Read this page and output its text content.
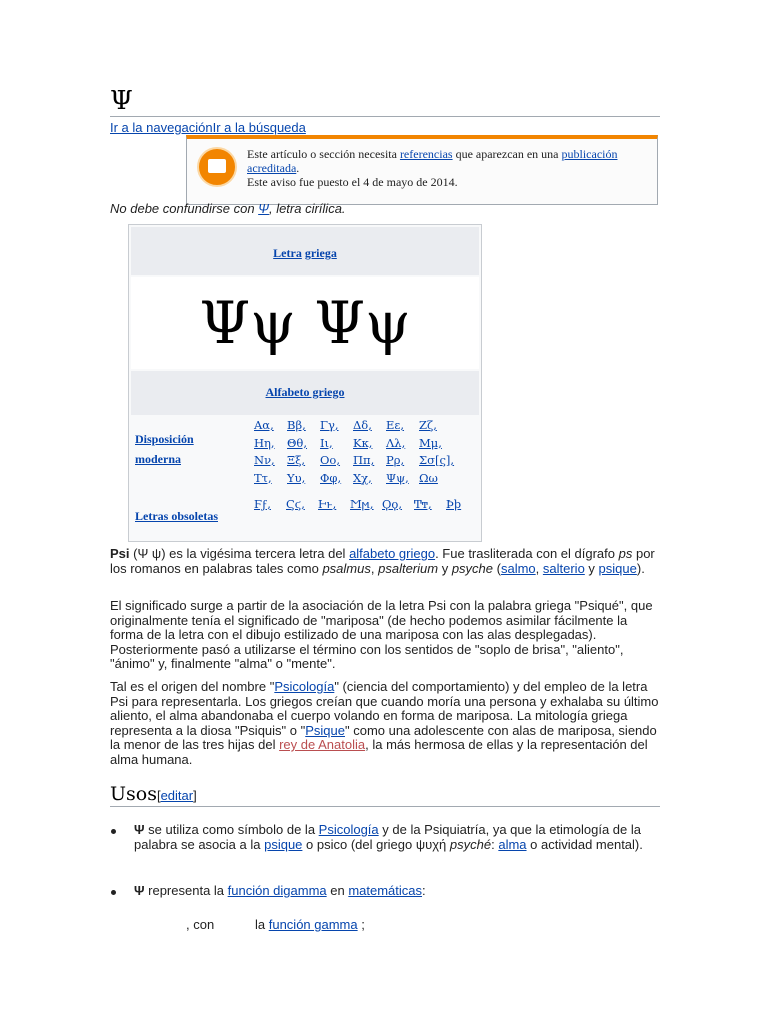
Ψ
Ir a la navegaciónIr a la búsqueda
Este artículo o sección necesita referencias que aparezcan en una publicación acreditada.
Este aviso fue puesto el 4 de mayo de 2014.
No debe confundirse con Ψ, letra cirílica.
Letra griega
Ψψ Ψψ
Alfabeto griego
Disposición
moderna
Αα, Ββ, Γγ, Δδ, Εε, Ζζ,
Ηη, Θθ, Ιι, Κκ, Λλ, Μμ,
Νν, Ξξ, Οο, Ππ, Ρρ, Σσ[ς],
Ττ, Υυ, Φφ, Χχ, Ψψ, Ωω
Letras obsoletas
Ϝϝ, Ϛϛ, Ͱͱ, Ϻϻ, Ϙϙ, Ͳͳ, Ϸϸ
Psi (Ψ ψ) es la vigésima tercera letra del alfabeto griego. Fue trasliterada con el dígrafo ps por los romanos en palabras tales como psalmus, psalterium y psyche (salmo, salterio y psique).
El significado surge a partir de la asociación de la letra Psi con la palabra griega "Psiqué", que originalmente tenía el significado de "mariposa" (de hecho podemos asimilar fácilmente la forma de la letra con el dibujo estilizado de una mariposa con las alas desplegadas). Posteriormente pasó a utilizarse el término con los sentidos de "soplo de brisa", "aliento", "ánimo" y, finalmente "alma" o "mente".
Tal es el origen del nombre "Psicología" (ciencia del comportamiento) y del empleo de la letra Psi para representarla. Los griegos creían que cuando moría una persona y exhalaba su último aliento, el alma abandonaba el cuerpo volando en forma de mariposa. La mitología griega representa a la diosa "Psiquis" o "Psique" como una adolescente con alas de mariposa, siendo la menor de las tres hijas del rey de Anatolia, la más hermosa de ellas y la representación del alma humana.
Usos[editar]
Ψ se utiliza como símbolo de la Psicología y de la Psiquiatría, ya que la etimología de la palabra se asocia a la psique o psico (del griego ψυχή psyché: alma o actividad mental).
Ψ representa la función digamma en matemáticas:
, con	la función gamma ;
